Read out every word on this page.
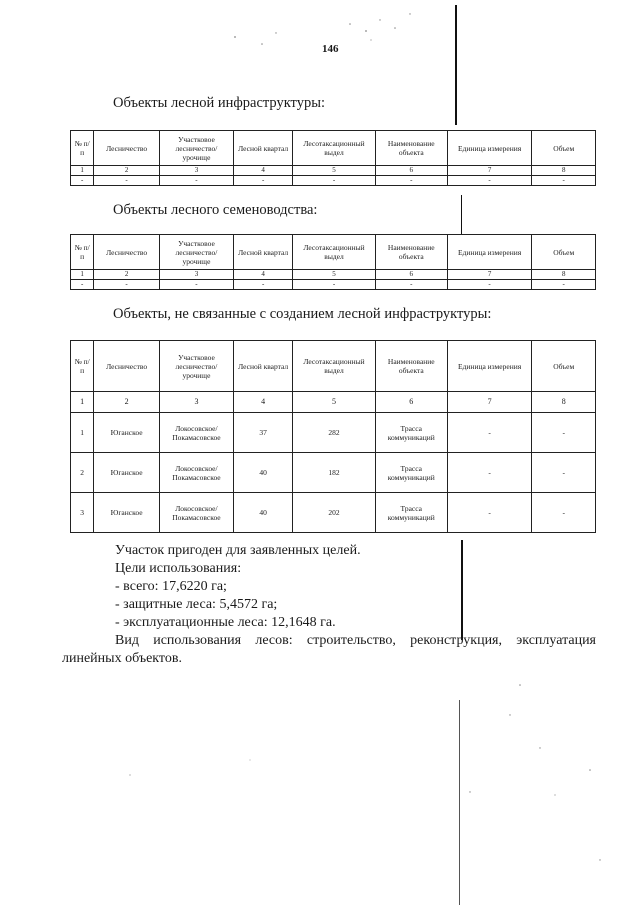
146
Объекты лесной инфраструктуры:
№ п/п	Лесничество	Участковое лесничество/ урочище	Лесной квартал	Лесотаксационный выдел	Наименование объекта	Единица измерения	Объем
1	2	3	4	5	6	7	8
-	-	-	-	-	-	-	-
Объекты лесного семеноводства:
№ п/п	Лесничество	Участковое лесничество/ урочище	Лесной квартал	Лесотаксационный выдел	Наименование объекта	Единица измерения	Объем
1	2	3	4	5	6	7	8
-	-	-	-	-	-	-	-
Объекты, не связанные с созданием лесной инфраструктуры:
№ п/п	Лесничество	Участковое лесничество/ урочище	Лесной квартал	Лесотаксационный выдел	Наименование объекта	Единица измерения	Объем
1	2	3	4	5	6	7	8
1	Юганское	Локосовское/ Покамасовское	37	282	Трасса коммуникаций	-	-
2	Юганское	Локосовское/ Покамасовское	40	182	Трасса коммуникаций	-	-
3	Юганское	Локосовское/ Покамасовское	40	202	Трасса коммуникаций	-	-
Участок пригоден для заявленных целей.
Цели использования:
- всего: 17,6220 га;
- защитные леса: 5,4572 га;
- эксплуатационные леса: 12,1648 га.
Вид использования лесов: строительство, реконструкция, эксплуатация
линейных объектов.
